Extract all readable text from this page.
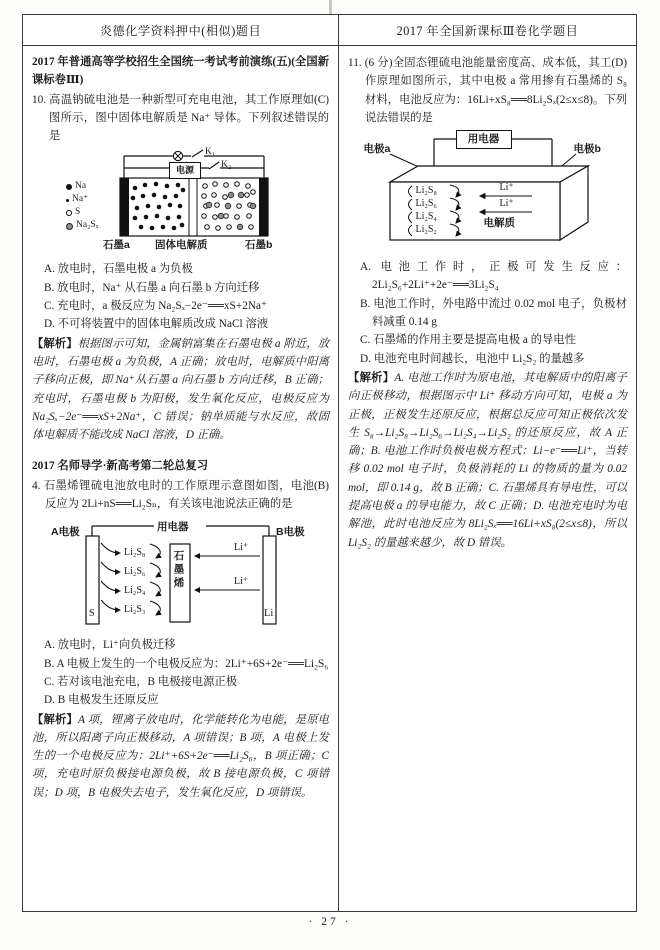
炎德化学资料押中(相似)题目	2017 年全国新课标Ⅲ卷化学题目

2017 年普通高等学校招生全国统一考试考前演练(五)(全国新课标卷Ⅲ)

(C)
10. 高温钠硫电池是一种新型可充电电池，其工作原理如图所示，图中固体电解质是 Na⁺ 导体。下列叙述错误的是

K₁
电源	K₂
Na
Na⁺
S
Na₂Sₓ
石墨a 固体电解质	石墨b

A. 放电时，石墨电极 a 为负极

B. 放电时，Na⁺ 从石墨 a 向石墨 b 方向迁移

C. 充电时，a 极反应为 Na₂Sₓ−2e⁻══xS+2Na⁺

D. 不可将装置中的固体电解质改成 NaCl 溶液

【解析】根据图示可知，金属钠富集在石墨电极 a 附近，放电时，石墨电极 a 为负极，A 正确；放电时，电解质中阳离子移向正极，即 Na⁺从石墨 a 向石墨 b 方向迁移，B 正确；充电时，石墨电极 b 为阳极，发生氧化反应，电极反应为 Na₂Sₓ−2e⁻══xS+2Na⁺，C 错误；钠单质能与水反应，故固体电解质不能改成 NaCl 溶液，D 正确。

2017 名师导学·新高考第二轮总复习

(B)
4. 石墨烯锂硫电池放电时的工作原理示意图如图，电池反应为 2Li+nS══Li₂Sₙ，有关该电池说法正确的是

用电器
A电极	B电极
石墨烯
S	Li
Li₂S₈
Li₂S₆
Li₂S₄
Li₂S₃
Li⁺
Li⁺

A. 放电时，Li⁺向负极迁移

B. A 电极上发生的一个电极反应为：2Li⁺+6S+2e⁻══Li₂S₆

C. 若对该电池充电，B 电极接电源正极

D. B 电极发生还原反应

【解析】A 项，锂离子放电时，化学能转化为电能，是原电池，所以阳离子向正极移动，A 项错误；B 项，A 电极上发生的一个电极反应为：2Li⁺+6S+2e⁻══Li₂S₆，B 项正确；C 项，充电时原负极接电源负极，故 B 接电源负极，C 项错误；D 项，B 电极失去电子，发生氧化反应，D 项错误。

(D)
11. (6 分)全固态锂硫电池能量密度高、成本低，其工作原理如图所示，其中电极 a 常用掺有石墨烯的 S₈ 材料，电池反应为：16Li+xS₈══8Li₂Sₓ(2≤x≤8)。下列说法错误的是

用电器
电极a	电极b
Li₂S₈
Li₂S₆
Li₂S₄
Li₂S₂
Li⁺
Li⁺
电解质

A. 电池工作时，正极可发生反应：2Li₂S₆+2Li⁺+2e⁻══3Li₂S₄

B. 电池工作时，外电路中流过 0.02 mol 电子，负极材料减重 0.14 g

C. 石墨烯的作用主要是提高电极 a 的导电性

D. 电池充电时间越长，电池中 Li₂S₂ 的量越多

【解析】A. 电池工作时为原电池，其电解质中的阳离子向正极移动，根据图示中 Li⁺ 移动方向可知，电极 a 为正极，正极发生还原反应，根据总反应可知正极依次发生 S₈→Li₂S₈→Li₂S₆→Li₂S₄→Li₂S₂ 的还原反应，故 A 正确；B. 电池工作时负极电极方程式：Li−e⁻══Li⁺，当转移 0.02 mol 电子时，负极消耗的 Li 的物质的量为 0.02 mol，即 0.14 g，故 B 正确；C. 石墨烯具有导电性，可以提高电极 a 的导电能力，故 C 正确；D. 电池充电时为电解池，此时电池反应为 8Li₂Sₓ══16Li+xS₈(2≤x≤8)，所以 Li₂S₂ 的量越来越少，故 D 错误。

· 27 ·
